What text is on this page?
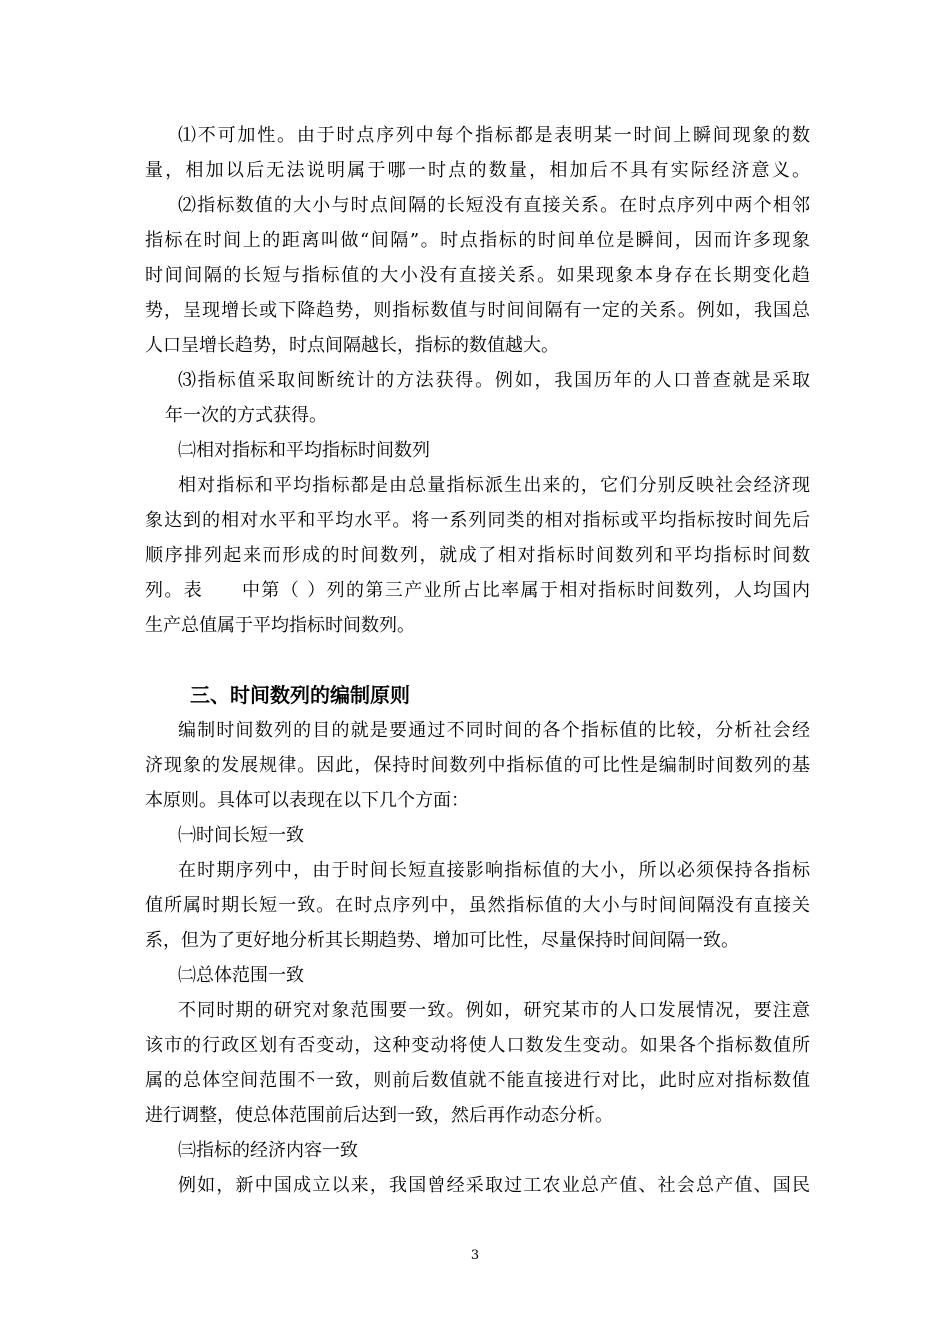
⑴不可加性。由于时点序列中每个指标都是表明某一时间上瞬间现象的数
量，相加以后无法说明属于哪一时点的数量，相加后不具有实际经济意义。
⑵指标数值的大小与时点间隔的长短没有直接关系。在时点序列中两个相邻
指标在时间上的距离叫做“间隔”。时点指标的时间单位是瞬间，因而许多现象
时间间隔的长短与指标值的大小没有直接关系。如果现象本身存在长期变化趋
势，呈现增长或下降趋势，则指标数值与时间间隔有一定的关系。例如，我国总
人口呈增长趋势，时点间隔越长，指标的数值越大。
⑶指标值采取间断统计的方法获得。例如，我国历年的人口普查就是采取
年一次的方式获得。
㈡相对指标和平均指标时间数列
相对指标和平均指标都是由总量指标派生出来的，它们分别反映社会经济现
象达到的相对水平和平均水平。将一系列同类的相对指标或平均指标按时间先后
顺序排列起来而形成的时间数列，就成了相对指标时间数列和平均指标时间数
列。表　　中第（ ）列的第三产业所占比率属于相对指标时间数列，人均国内
生产总值属于平均指标时间数列。
三、时间数列的编制原则
编制时间数列的目的就是要通过不同时间的各个指标值的比较，分析社会经
济现象的发展规律。因此，保持时间数列中指标值的可比性是编制时间数列的基
本原则。具体可以表现在以下几个方面：
㈠时间长短一致
在时期序列中，由于时间长短直接影响指标值的大小，所以必须保持各指标
值所属时期长短一致。在时点序列中，虽然指标值的大小与时间间隔没有直接关
系，但为了更好地分析其长期趋势、增加可比性，尽量保持时间间隔一致。
㈡总体范围一致
不同时期的研究对象范围要一致。例如，研究某市的人口发展情况，要注意
该市的行政区划有否变动，这种变动将使人口数发生变动。如果各个指标数值所
属的总体空间范围不一致，则前后数值就不能直接进行对比，此时应对指标数值
进行调整，使总体范围前后达到一致，然后再作动态分析。
㈢指标的经济内容一致
例如，新中国成立以来，我国曾经采取过工农业总产值、社会总产值、国民
3
